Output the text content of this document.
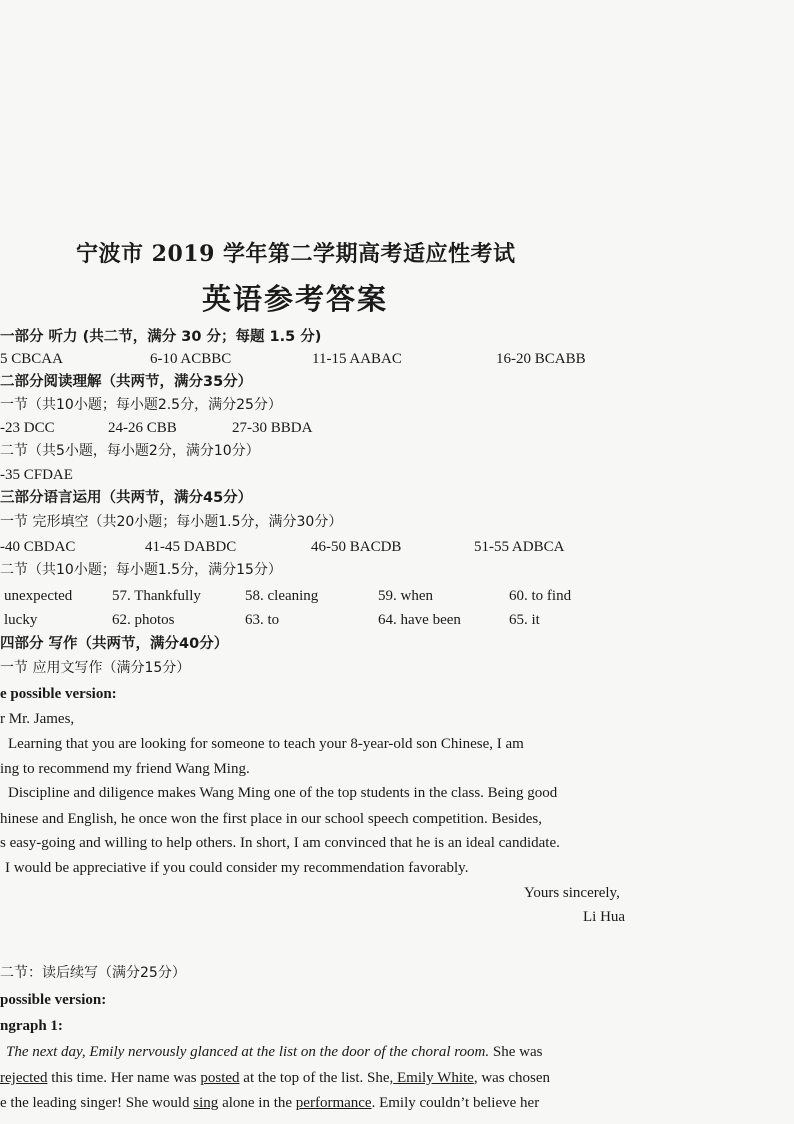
宁波市 2019 学年第二学期高考适应性考试
英语参考答案
一部分 听力 (共二节，满分 30 分；每题 1.5 分)
5 CBCAA	6-10 ACBBC	11-15 AABAC	16-20 BCABB
二部分阅读理解（共两节，满分35分）
一节（共10小题；每小题2.5分，满分25分）
-23 DCC	24-26 CBB	27-30 BBDA
二节（共5小题，每小题2分，满分10分）
-35 CFDAE
三部分语言运用（共两节，满分45分）
一节 完形填空（共20小题；每小题1.5分，满分30分）
-40 CBDAC	41-45 DABDC	46-50 BACDB	51-55 ADBCA
二节（共10小题；每小题1.5分，满分15分）
unexpected	57. Thankfully	58. cleaning	59. when	60. to find
lucky	62. photos	63. to	64. have been	65. it
四部分 写作（共两节，满分40分）
一节 应用文写作（满分15分）
e possible version:
r Mr. James,
Learning that you are looking for someone to teach your 8-year-old son Chinese, I am
ing to recommend my friend Wang Ming.
Discipline and diligence makes Wang Ming one of the top students in the class. Being good
hinese and English, he once won the first place in our school speech competition. Besides,
s easy-going and willing to help others. In short, I am convinced that he is an ideal candidate.
I would be appreciative if you could consider my recommendation favorably.
Yours sincerely,
Li Hua
二节：读后续写（满分25分）
possible version:
ngraph 1:
The next day, Emily nervously glanced at the list on the door of the choral room. She was
rejected this time. Her name was posted at the top of the list. She, Emily White, was chosen
e the leading singer! She would sing alone in the performance. Emily couldn’t believe her
